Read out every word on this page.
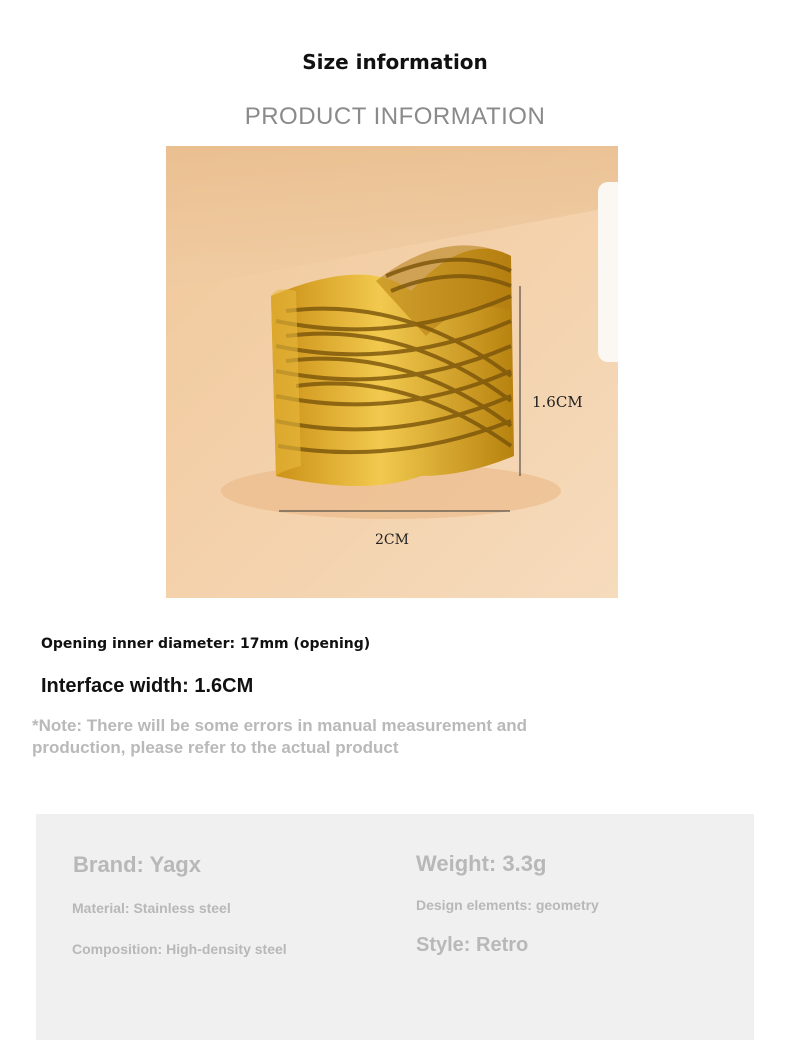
Size information
PRODUCT INFORMATION
1.6CM
2CM
Opening inner diameter: 17mm (opening)
Interface width: 1.6CM
*Note: There will be some errors in manual measurement and production, please refer to the actual product
Brand: Yagx
Material: Stainless steel
Composition: High-density steel
Weight: 3.3g
Design elements: geometry
Style: Retro
